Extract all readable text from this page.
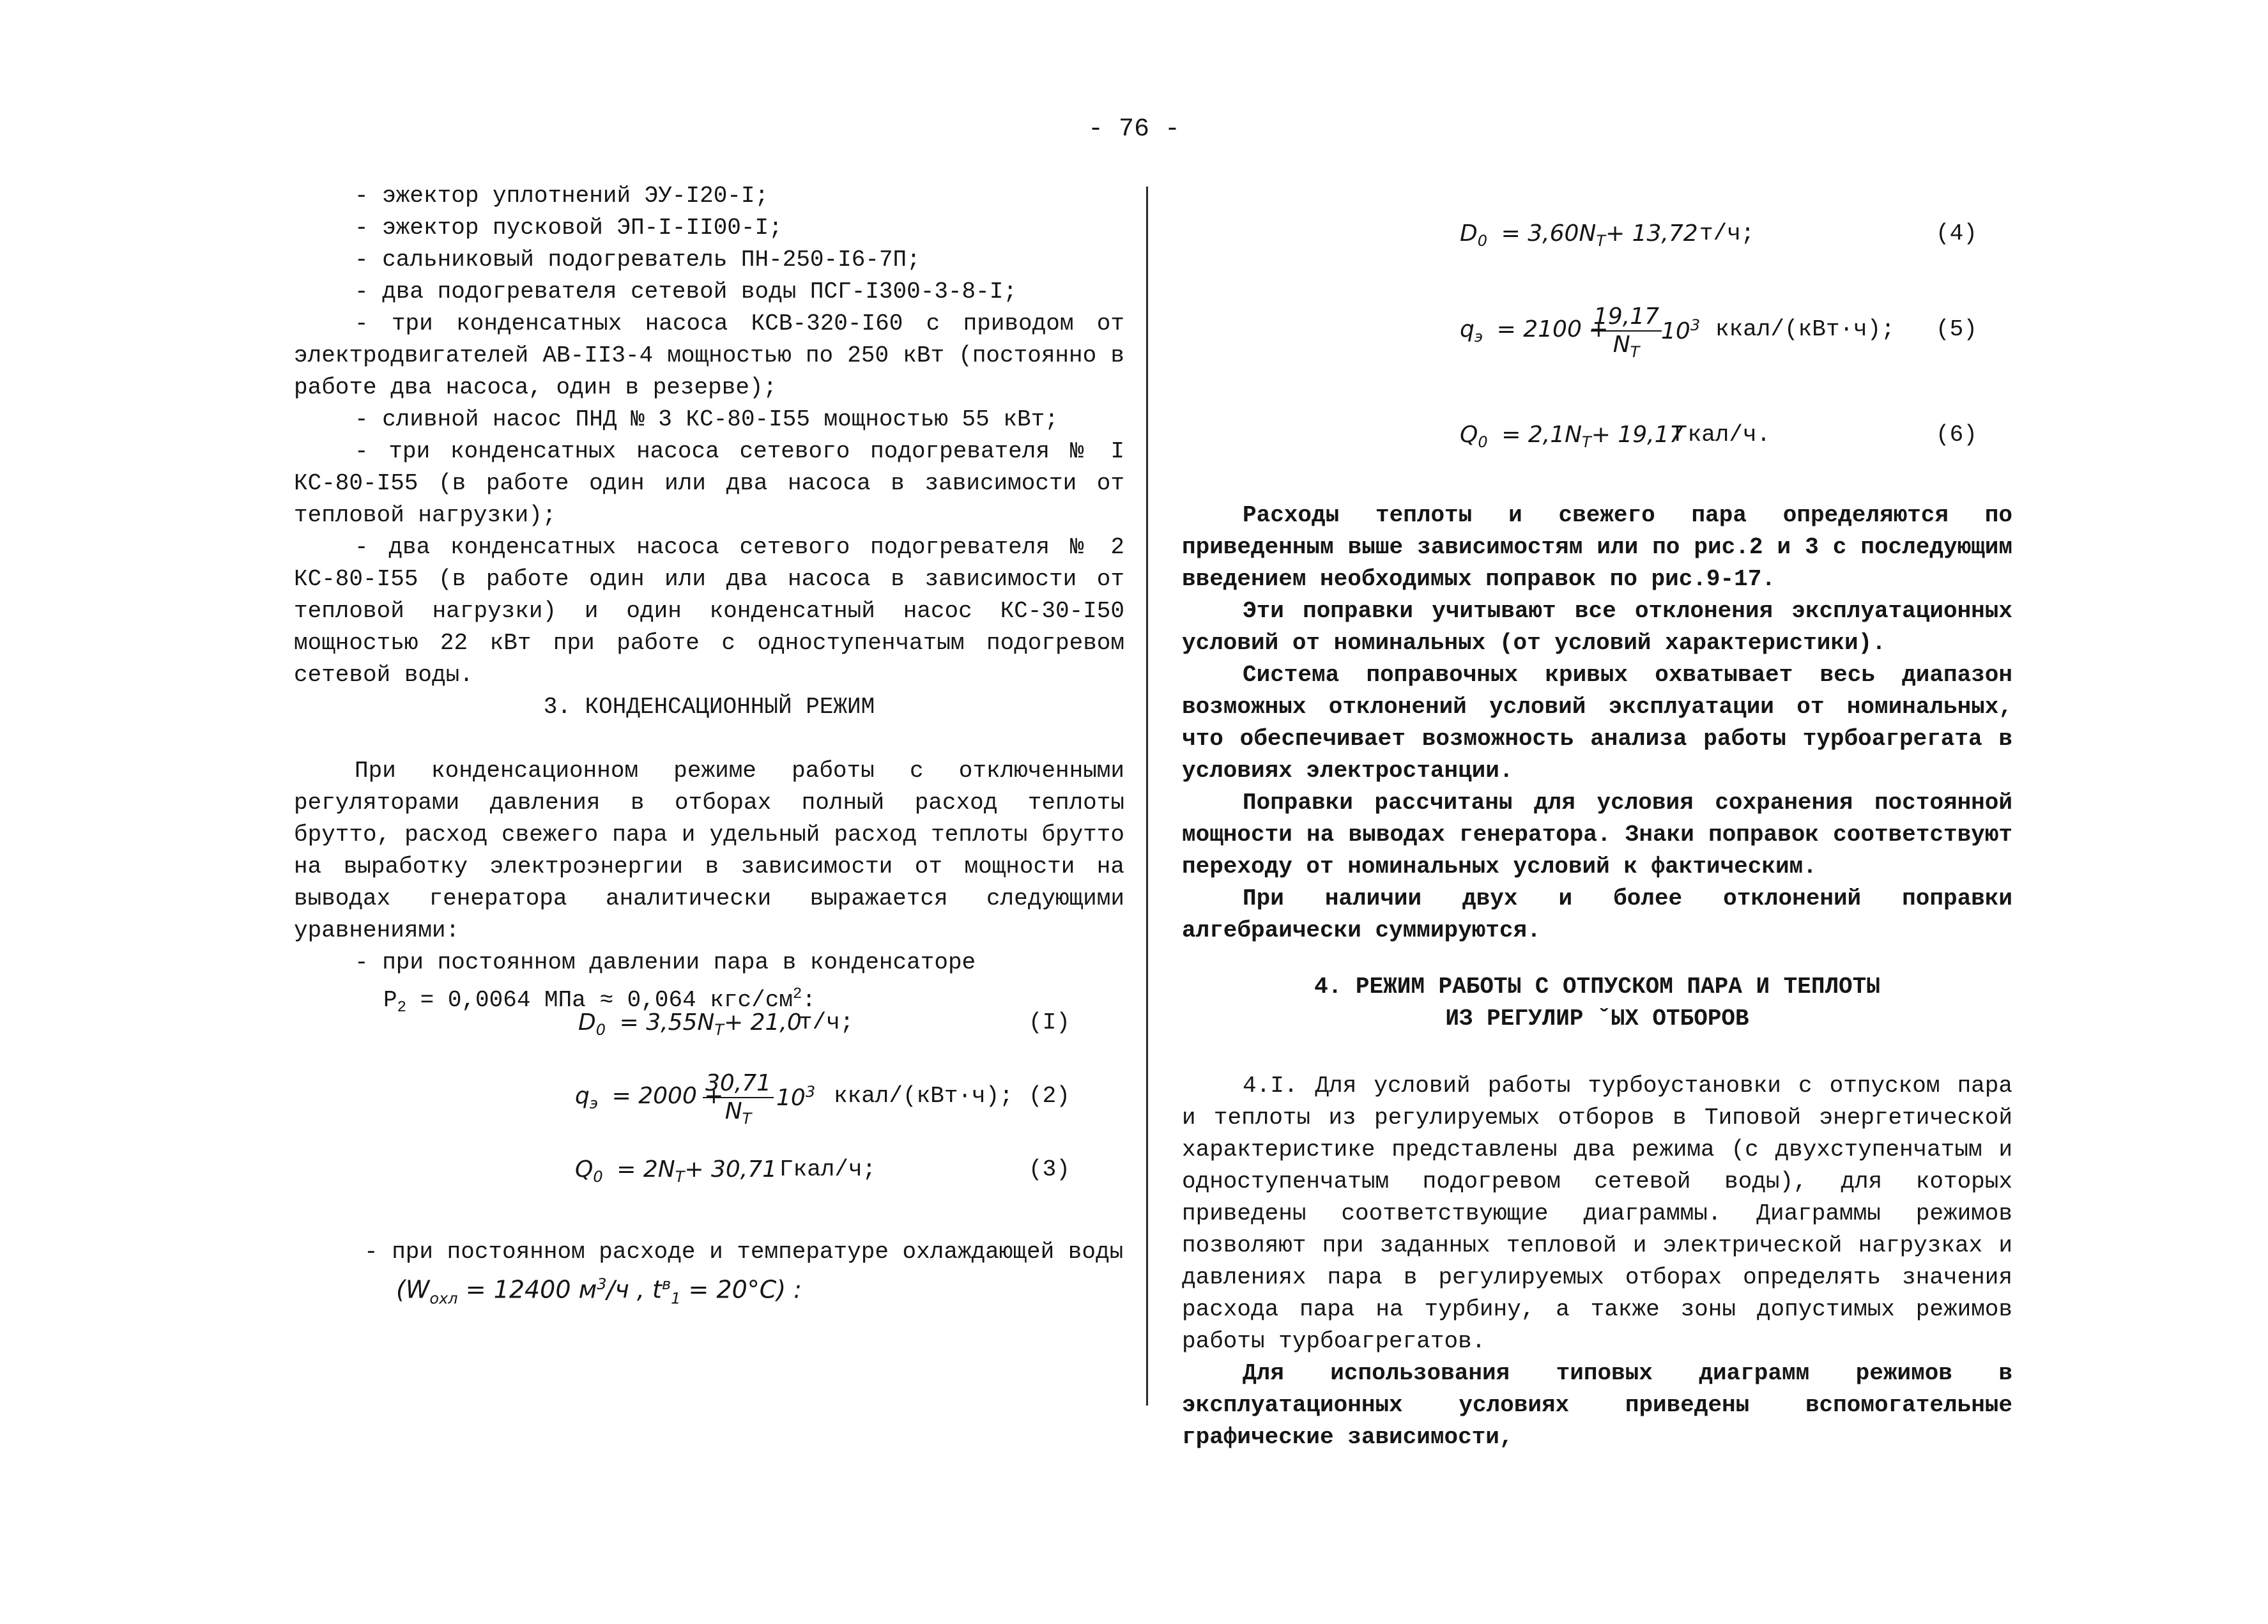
- 76 -

- эжектор уплотнений ЭУ-I20-I;

- эжектор пусковой ЭП-I-II00-I;

- сальниковый подогреватель ПН-250-I6-7П;

- два подогревателя сетевой воды ПСГ-I300-3-8-I;

- три конденсатных насоса КСВ-320-I60 с приводом от электродвигателей АВ-II3-4 мощностью по 250 кВт (постоянно в работе два насоса, один в резерве);

- сливной насос ПНД № 3 КС-80-I55 мощностью 55 кВт;

- три конденсатных насоса сетевого подогревателя № I КС-80-I55 (в работе один или два насоса в зависимости от тепловой нагрузки);

- два конденсатных насоса сетевого подогревателя № 2 КС-80-I55 (в работе один или два насоса в зависимости от тепловой нагрузки) и один конденсатный насос КС-30-I50 мощностью 22 кВт при работе с одноступенчатым подогревом сетевой воды.

3. КОНДЕНСАЦИОННЫЙ РЕЖИМ

При конденсационном режиме работы с отключенными регуляторами давления в отборах полный расход теплоты брутто, расход свежего пара и удельный расход теплоты брутто на выработку электроэнергии в зависимости от мощности на выводах генератора аналитически выражается следующими уравнениями:

- при постоянном давлении пара в конденсаторе

$P_2 = 0,0064$ МПа ≈ 0,064 кгс/$см^2$:

$D_0 = 3,55N_T+ 21,0$
т/ч;	(I)
$q_э = 2000$ +
$\frac{30,71}{N_T} 10^3$ ккал/(кВт·ч); (2)
$Q_0 = 2N_T+ 30,71$ Гкал/ч;	(3)

- при постоянном расходе и температуре охлаждающей воды

($W_{охл} = 12400$ $м^3/ч$ , $t^в_1 = 20^\circ C$) :

$D_0 = 3,60N_T+ 13,72$ т/ч;	(4)
$q_э = 2100$ +
$\frac{19,17}{N_T}$
$10^3$ ккал/(кВт·ч); (5)
$Q_0 = 2,1N_T+ 19,17$
Гкал/ч.	(6)

Расходы теплоты и свежего пара определяются по приведенным выше зависимостям или по рис.2 и 3 с последующим введением необходимых поправок по рис.9-17.

Эти поправки учитывают все отклонения эксплуатационных условий от номинальных (от условий характеристики).

Система поправочных кривых охватывает весь диапазон возможных отклонений условий эксплуатации от номинальных, что обеспечивает возможность анализа работы турбоагрегата в условиях электростанции.

Поправки рассчитаны для условия сохранения постоянной мощности на выводах генератора. Знаки поправок соответствуют переходу от номинальных условий к фактическим.

При наличии двух и более отклонений поправки алгебраически суммируются.

4. РЕЖИМ РАБОТЫ С ОТПУСКОМ ПАРА И ТЕПЛОТЫ

ИЗ РЕГУЛИР ˇЫХ ОТБОРОВ

4.I. Для условий работы турбоустановки с отпуском пара и теплоты из регулируемых отборов в Типовой энергетической характеристике представлены два режима (с двухступенчатым и одноступенчатым подогревом сетевой воды), для которых приведены соответствующие диаграммы. Диаграммы режимов позволяют при заданных тепловой и электрической нагрузках и давлениях пара в регулируемых отборах определять значения расхода пара на турбину, а также зоны допустимых режимов работы турбоагрегатов.

Для использования типовых диаграмм режимов в эксплуатационных условиях приведены вспомогательные графические зависимости,
